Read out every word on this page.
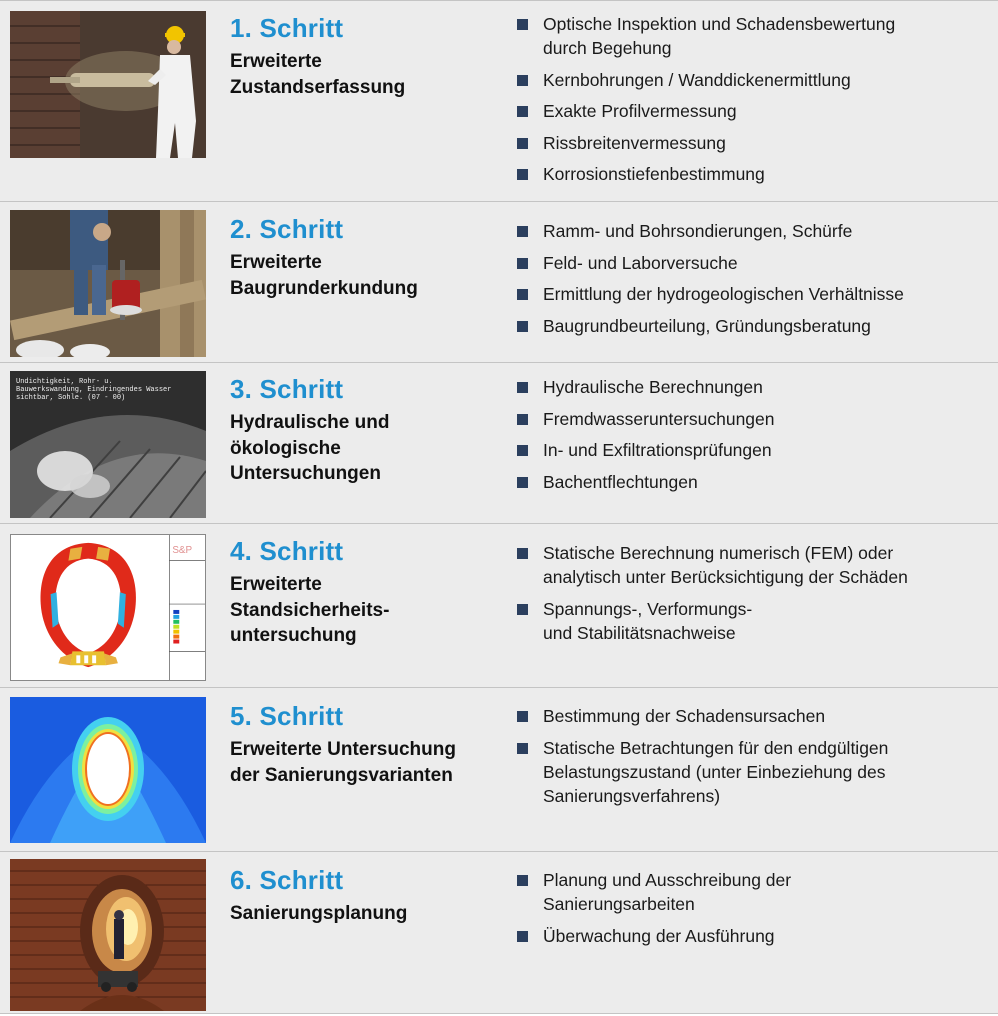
1. Schritt
Erweiterte
Zustandserfassung
Optische Inspektion und Schadensbewertung
durch Begehung
Kernbohrungen / Wanddickenermittlung
Exakte Profilvermessung
Rissbreitenvermessung
Korrosionstiefenbestimmung
2. Schritt
Erweiterte
Baugrunderkundung
Ramm- und Bohrsondierungen, Schürfe
Feld- und Laborversuche
Ermittlung der hydrogeologischen Verhältnisse
Baugrundbeurteilung, Gründungsberatung
Undichtigkeit, Rohr- u.
Bauwerkswandung, Eindringendes Wasser
sichtbar, Sohle. (07 - 00)	3. Schritt
Hydraulische und
ökologische
Untersuchungen
Hydraulische Berechnungen
Fremdwasseruntersuchungen
In- und Exfiltrationsprüfungen
Bachentflechtungen
S&P 4. Schritt
Erweiterte
Standsicherheits-
untersuchung
Statische Berechnung numerisch (FEM) oder
analytisch unter Berücksichtigung der Schäden
Spannungs-, Verformungs-
und Stabilitätsnachweise
5. Schritt
Erweiterte Untersuchung
der Sanierungsvarianten
Bestimmung der Schadensursachen
Statische Betrachtungen für den endgültigen
Belastungszustand (unter Einbeziehung des
Sanierungsverfahrens)
6. Schritt
Sanierungsplanung
Planung und Ausschreibung der
Sanierungsarbeiten
Überwachung der Ausführung
